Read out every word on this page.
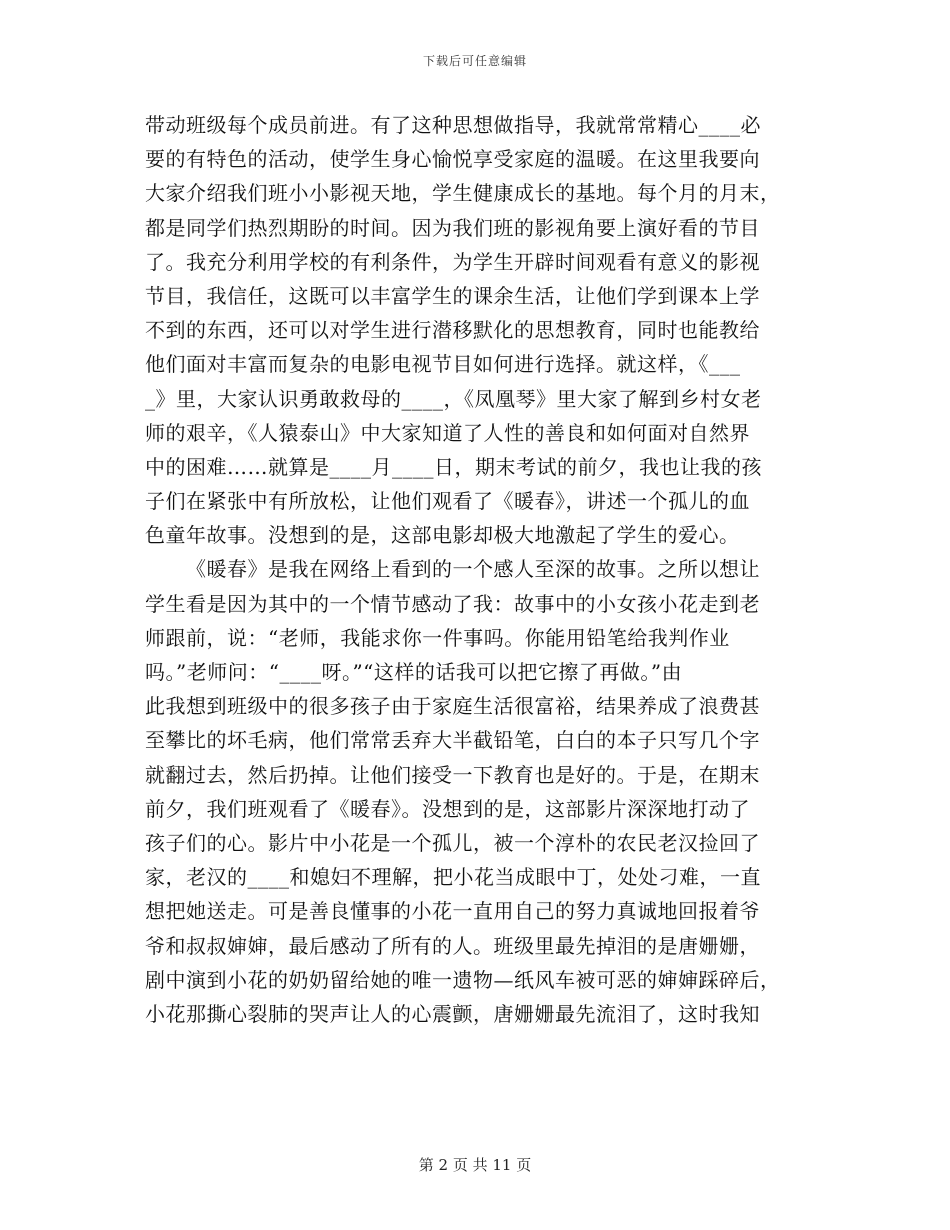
下载后可任意编辑
带动班级每个成员前进。有了这种思想做指导，我就常常精心____必
要的有特色的活动，使学生身心愉悦享受家庭的温暖。在这里我要向
大家介绍我们班小小影视天地，学生健康成长的基地。每个月的月末，
都是同学们热烈期盼的时间。因为我们班的影视角要上演好看的节目
了。我充分利用学校的有利条件，为学生开辟时间观看有意义的影视
节目，我信任，这既可以丰富学生的课余生活，让他们学到课本上学
不到的东西，还可以对学生进行潜移默化的思想教育，同时也能教给
他们面对丰富而复杂的电影电视节目如何进行选择。就这样，《___
_》里，大家认识勇敢救母的____，《凤凰琴》里大家了解到乡村女老
师的艰辛，《人猿泰山》中大家知道了人性的善良和如何面对自然界
中的困难……就算是____月____日，期末考试的前夕，我也让我的孩
子们在紧张中有所放松，让他们观看了《暖春》，讲述一个孤儿的血
色童年故事。没想到的是，这部电影却极大地激起了学生的爱心。
《暖春》是我在网络上看到的一个感人至深的故事。之所以想让
学生看是因为其中的一个情节感动了我：故事中的小女孩小花走到老
师跟前，说：“老师，我能求你一件事吗。你能用铅笔给我判作业
吗。”老师问：“____呀。”“这样的话我可以把它擦了再做。”由
此我想到班级中的很多孩子由于家庭生活很富裕，结果养成了浪费甚
至攀比的坏毛病，他们常常丢弃大半截铅笔，白白的本子只写几个字
就翻过去，然后扔掉。让他们接受一下教育也是好的。于是，在期末
前夕，我们班观看了《暖春》。没想到的是，这部影片深深地打动了
孩子们的心。影片中小花是一个孤儿，被一个淳朴的农民老汉捡回了
家，老汉的____和媳妇不理解，把小花当成眼中丁，处处刁难，一直
想把她送走。可是善良懂事的小花一直用自己的努力真诚地回报着爷
爷和叔叔婶婶，最后感动了所有的人。班级里最先掉泪的是唐姗姗，
剧中演到小花的奶奶留给她的唯一遗物—纸风车被可恶的婶婶踩碎后，
小花那撕心裂肺的哭声让人的心震颤，唐姗姗最先流泪了，这时我知
第 2 页 共 11 页
